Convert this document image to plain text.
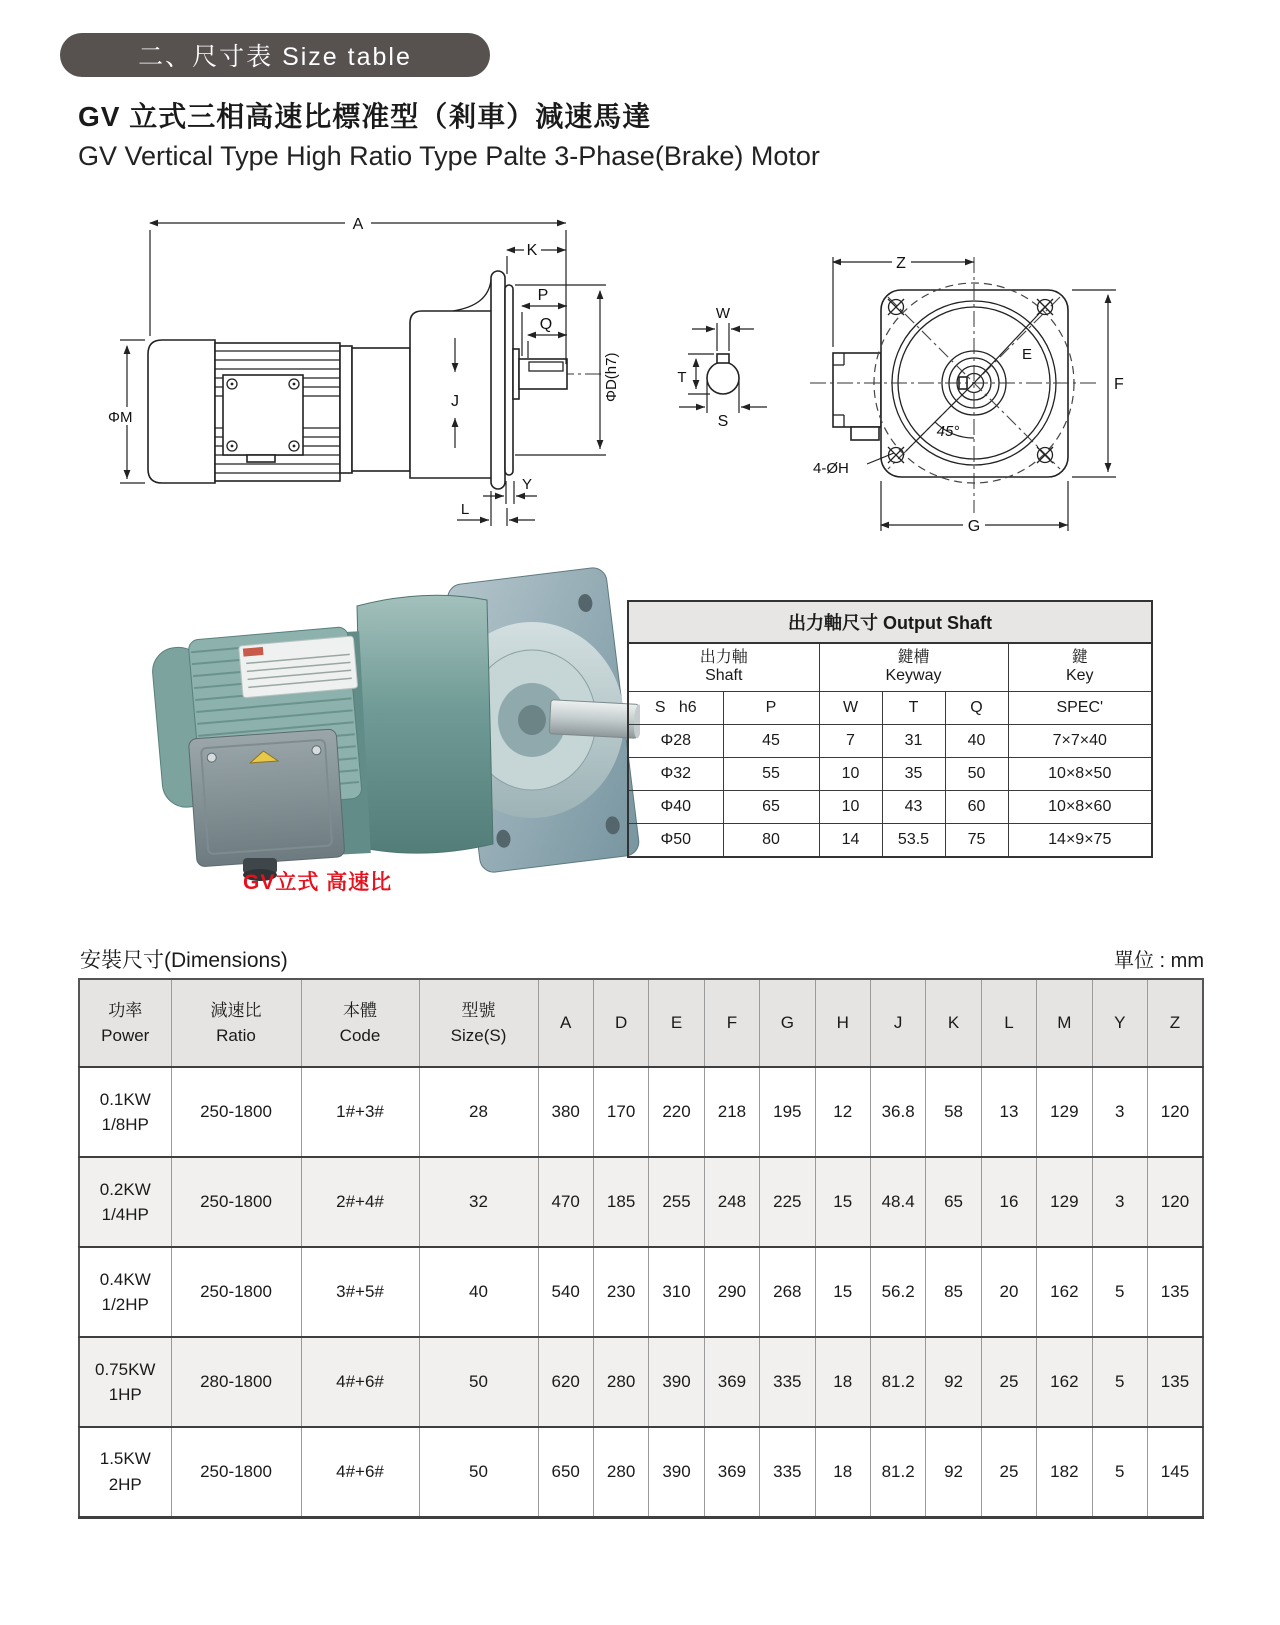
二、尺寸表 Size table
GV 立式三相高速比標准型（剎車）減速馬達
GV Vertical Type High Ratio Type Palte 3-Phase(Brake) Motor
A
K
P
Q
ΦD(h7)
ΦM
J
Y
L
W
T
S
E
45°
Z
F
G
4-ØH
GV立式 高速比
出力軸尺寸 Output Shaft					

出力軸
Shaft

鍵槽
Keyway

鍵
Key

S   h6	P	W	T	Q	SPEC'
Φ28	45	7	31	40	7×7×40
Φ32	55	10	35	50	10×8×50
Φ40	65	10	43	60	10×8×60
Φ50	80	14	53.5	75	14×9×75
安裝尺寸(Dimensions)	單位 : mm
功率
Power

減速比
Ratio

本體
Code

型號
Size(S)
	A	D	E	F	G	H	J	K	L	M	Y	Z

0.1KW
1/8HP	250-1800	1#+3#	28	380	170	220	218	195	12	36.8	58	13	129	3	120

0.2KW
1/4HP	250-1800	2#+4#	32	470	185	255	248	225	15	48.4	65	16	129	3	120

0.4KW
1/2HP	250-1800	3#+5#	40	540	230	310	290	268	15	56.2	85	20	162	5	135

0.75KW
1HP	280-1800	4#+6#	50	620	280	390	369	335	18	81.2	92	25	162	5	135

1.5KW
2HP	250-1800	4#+6#	50	650	280	390	369	335	18	81.2	92	25	182	5	145
